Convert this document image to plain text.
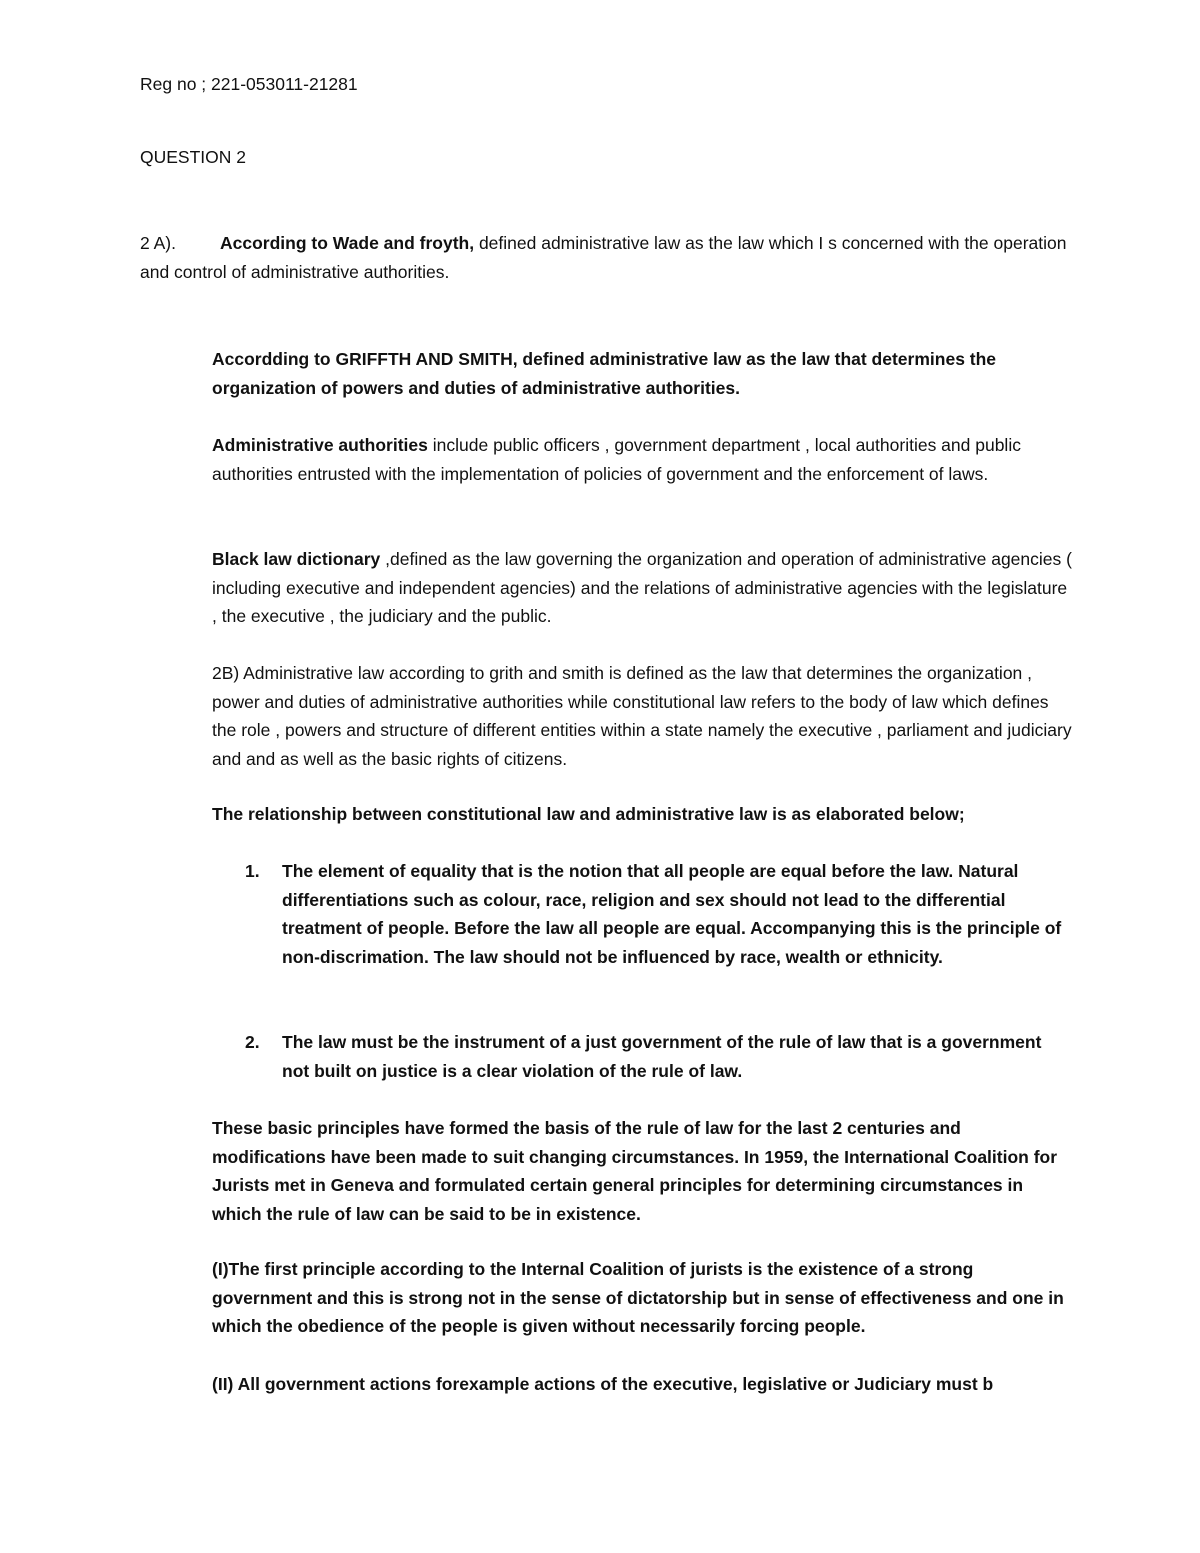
Reg no ; 221-053011-21281

QUESTION 2

2 A).	According to Wade and froyth, defined administrative law as the law which I s concerned with the operation and control of administrative authorities.

Accordding to GRIFFTH AND SMITH, defined administrative law as the law that determines the organization of powers and duties of administrative authorities.

Administrative authorities include public officers , government department , local authorities and public authorities entrusted with the implementation of policies of government and the enforcement of laws.
Black law dictionary ,defined as the law governing the organization and operation of administrative agencies ( including executive and independent agencies) and the relations of administrative agencies with the legislature , the executive , the judiciary and the public.

2B) Administrative law according to grith and smith is defined as the law that determines the organization , power and duties of administrative authorities while constitutional law refers to the body of law which defines the role , powers and structure of different entities within a state namely the executive , parliament and judiciary and and as well as the basic rights of citizens.

The relationship between constitutional law and administrative law is as elaborated below;

1. The element of equality that is the notion that all people are equal before the law. Natural differentiations such as colour, race, religion and sex should not lead to the differential treatment of people. Before the law all people are equal. Accompanying this is the principle of non-discrimation. The law should not be influenced by race, wealth or ethnicity.
2. The law must be the instrument of a just government of the rule of law that is a government not built on justice is a clear violation of the rule of law.

These basic principles have formed the basis of the rule of law for the last 2 centuries and modifications have been made to suit changing circumstances. In 1959, the International Coalition for Jurists met in Geneva and formulated certain general principles for determining circumstances in which the rule of law can be said to be in existence.

(I)The first principle according to the Internal Coalition of jurists is the existence of a strong government and this is strong not in the sense of dictatorship but in sense of effectiveness and one in which the obedience of the people is given without necessarily forcing people.

(II) All government actions forexample actions of the executive, legislative or Judiciary must b
